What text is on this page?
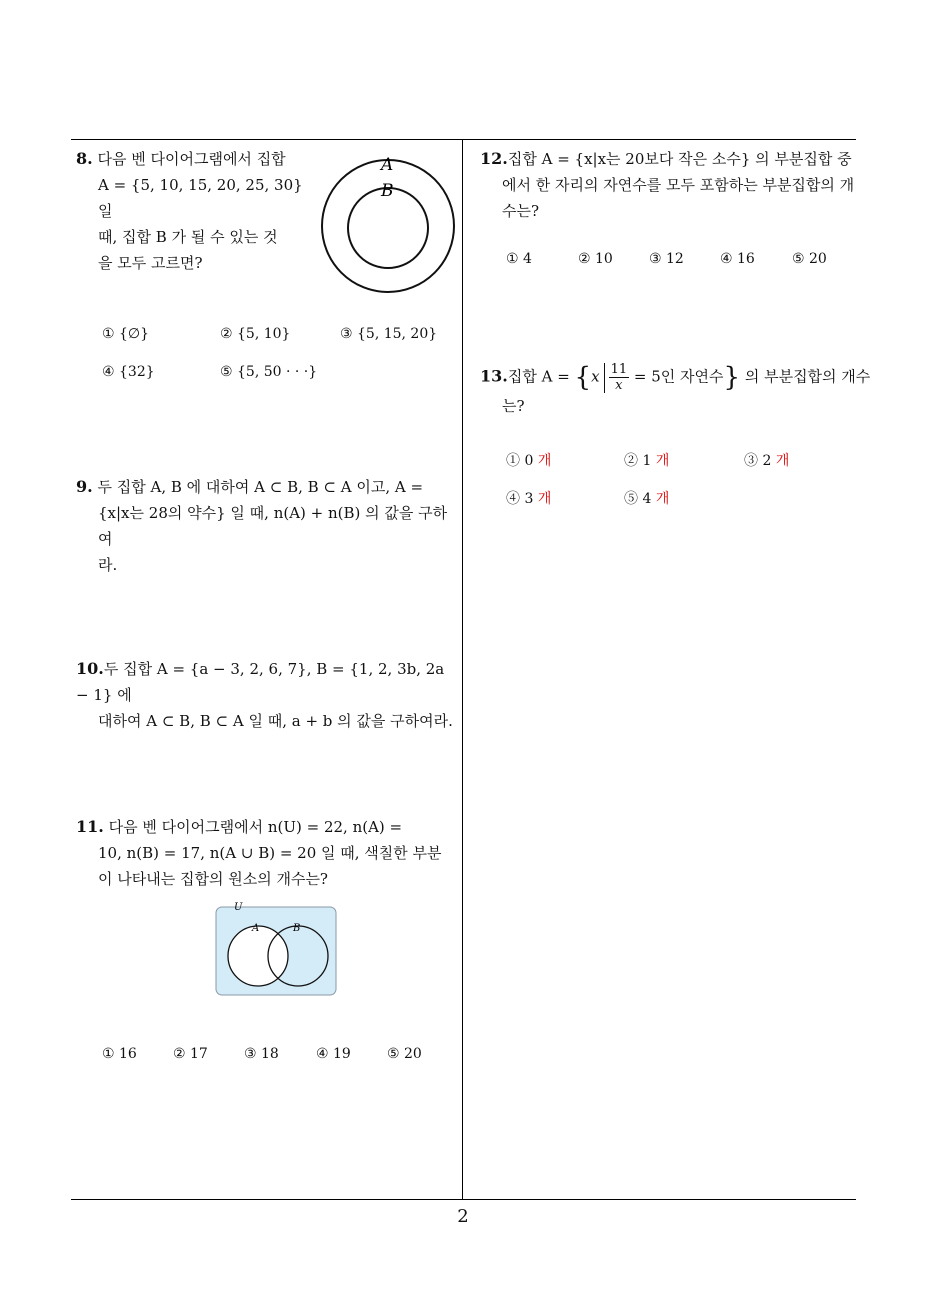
8. 다음 벤 다이어그램에서 집합
A = {5, 10, 15, 20, 25, 30} 일
때, 집합 B 가 될 수 있는 것
을 모두 고르면?
A
B
① {∅}	② {5, 10}	③ {5, 15, 20}
④ {32}	⑤ {5, 50 · · ·}
9. 두 집합 A, B 에 대하여 A ⊂ B, B ⊂ A 이고, A =
{x|x는 28의 약수} 일 때, n(A) + n(B) 의 값을 구하여
라.
10.두 집합 A = {a − 3, 2, 6, 7}, B = {1, 2, 3b, 2a − 1} 에
대하여 A ⊂ B, B ⊂ A 일 때, a + b 의 값을 구하여라.
11. 다음 벤 다이어그램에서 n(U) = 22, n(A) =
10, n(B) = 17, n(A ∪ B) = 20 일 때, 색칠한 부분
이 나타내는 집합의 원소의 개수는?
U
A	B
① 16	② 17	③ 18	④ 19	⑤ 20
12.집합 A = {x|x는 20보다 작은 소수} 의 부분집합 중
에서 한 자리의 자연수를 모두 포함하는 부분집합의 개
수는?
① 4	② 10	③ 12	④ 16	⑤ 20
13.집합 $A = \{x \frac{11}{x} = 5$인 자연수} 의 부분집합의 개수
는?
① 0 개	② 1 개	③ 2 개
④ 3 개	⑤ 4 개
2
